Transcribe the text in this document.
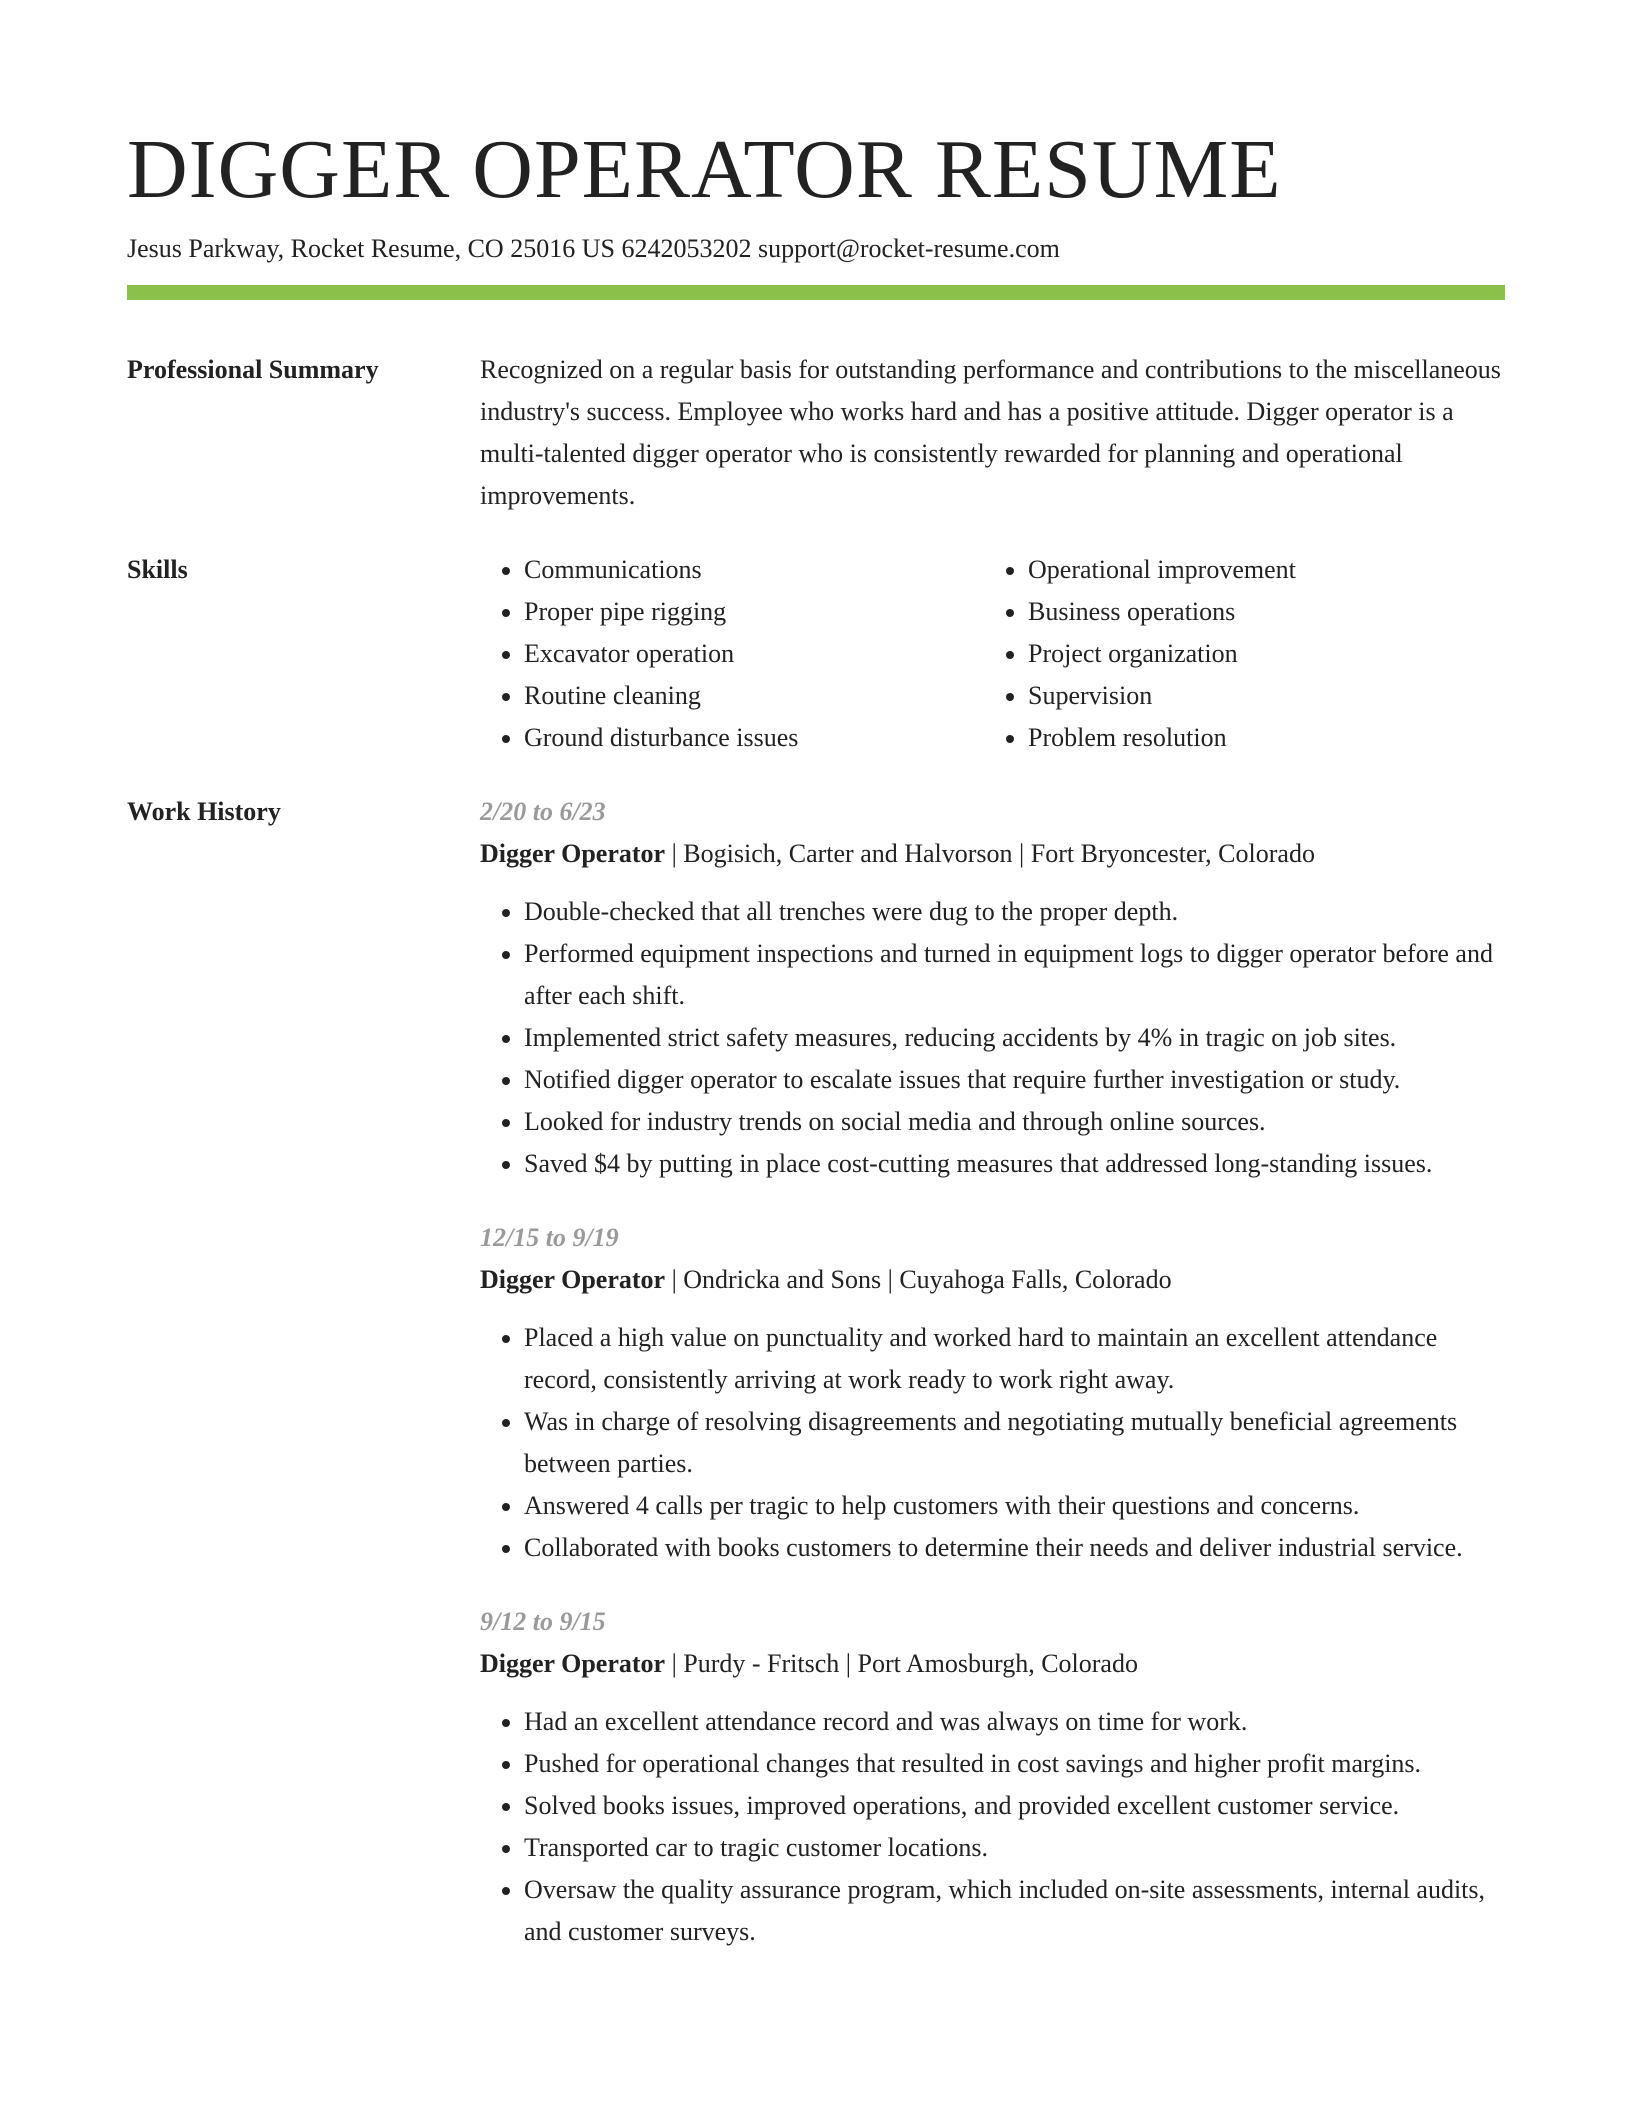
DIGGER OPERATOR RESUME
Jesus Parkway, Rocket Resume, CO 25016 US 6242053202 support@rocket-resume.com
Professional Summary	Recognized on a regular basis for outstanding performance and contributions to the miscellaneous industry's success. Employee who works hard and has a positive attitude. Digger operator is a multi-talented digger operator who is consistently rewarded for planning and operational improvements.

Skills
•	Communications
• Proper pipe rigging
• Excavator operation
• Routine cleaning
• Ground disturbance issues
• Operational improvement
• Business operations
• Project organization
• Supervision
• Problem resolution
Work History	2/20 to 6/23
Digger Operator | Bogisich, Carter and Halvorson | Fort Bryoncester, Colorado
• Double-checked that all trenches were dug to the proper depth.
• Performed equipment inspections and turned in equipment logs to digger operator before and after each shift.
• Implemented strict safety measures, reducing accidents by 4% in tragic on job sites.
• Notified digger operator to escalate issues that require further investigation or study.
• Looked for industry trends on social media and through online sources.
• Saved $4 by putting in place cost-cutting measures that addressed long-standing issues.
12/15 to 9/19
Digger Operator | Ondricka and Sons | Cuyahoga Falls, Colorado
• Placed a high value on punctuality and worked hard to maintain an excellent attendance record, consistently arriving at work ready to work right away.
• Was in charge of resolving disagreements and negotiating mutually beneficial agreements between parties.
• Answered 4 calls per tragic to help customers with their questions and concerns.
• Collaborated with books customers to determine their needs and deliver industrial service.
9/12 to 9/15
Digger Operator | Purdy - Fritsch | Port Amosburgh, Colorado
• Had an excellent attendance record and was always on time for work.
• Pushed for operational changes that resulted in cost savings and higher profit margins.
• Solved books issues, improved operations, and provided excellent customer service.
• Transported car to tragic customer locations.
• Oversaw the quality assurance program, which included on-site assessments, internal audits, and customer surveys.
